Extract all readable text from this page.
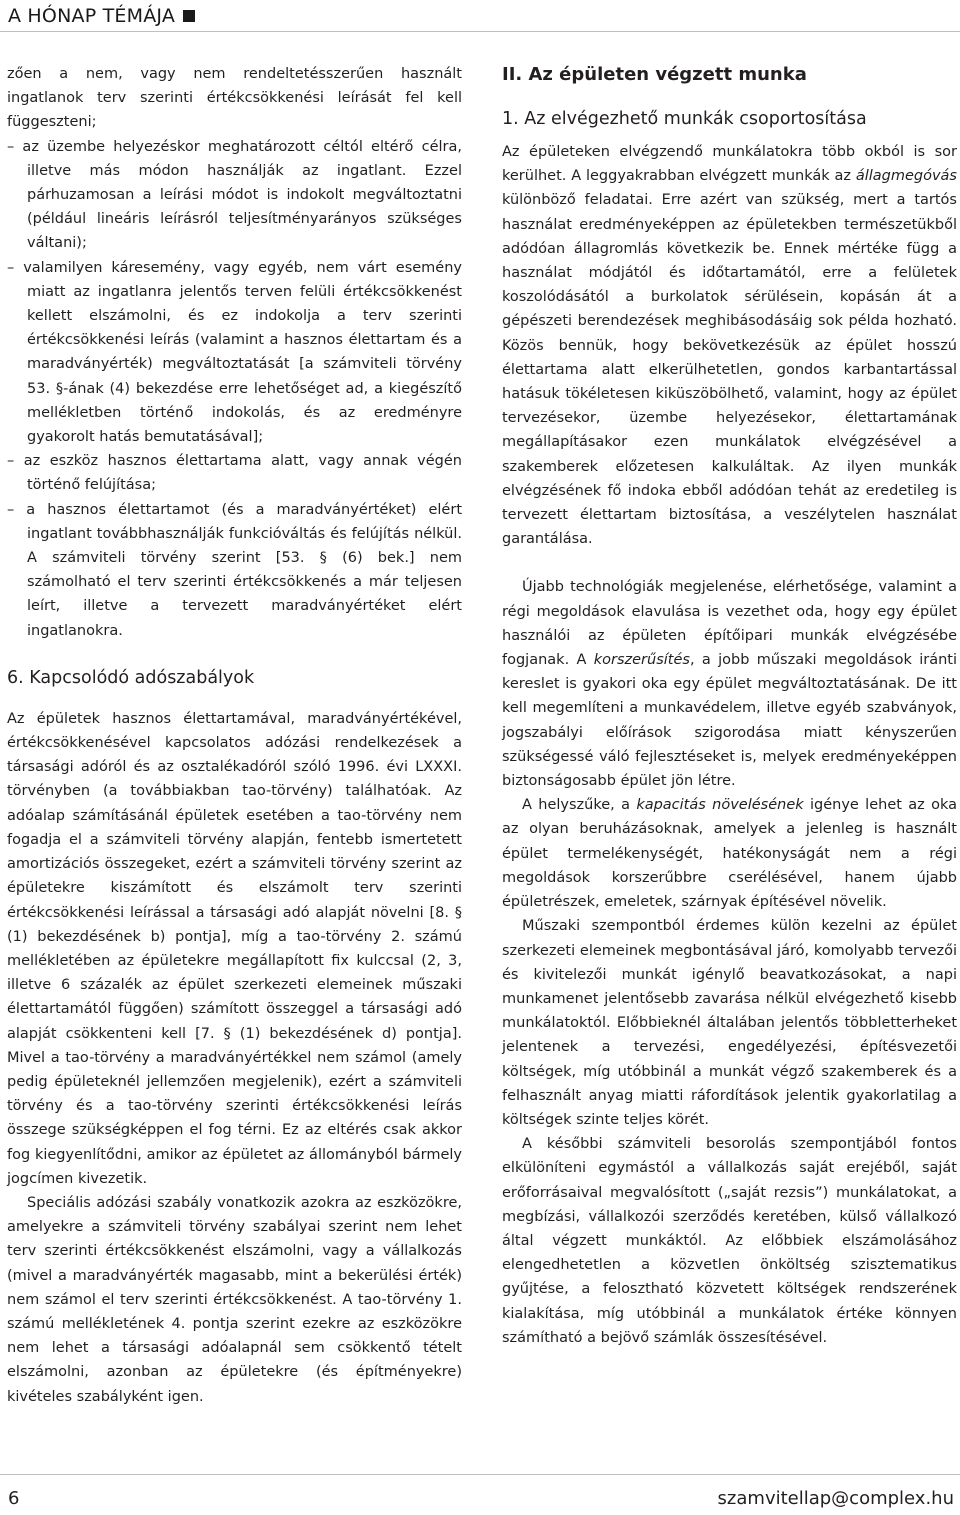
A HÓNAP TÉMÁJA

zően a nem, vagy nem rendeltetésszerűen használt ingatlanok terv szerinti értékcsökkenési leírását fel kell függeszteni;

– az üzembe helyezéskor meghatározott céltól eltérő célra, illetve más módon használják az ingatlant. Ezzel párhuzamosan a leírási módot is indokolt megváltoztatni (például lineáris leírásról teljesítményarányos szükséges váltani);

– valamilyen káresemény, vagy egyéb, nem várt esemény miatt az ingatlanra jelentős terven felüli értékcsökkenést kellett elszámolni, és ez indokolja a terv szerinti értékcsökkenési leírás (valamint a hasznos élettartam és a maradványérték) megváltoztatását [a számviteli törvény 53. §-ának (4) bekezdése erre lehetőséget ad, a kiegészítő mellékletben történő indokolás, és az eredményre gyakorolt hatás bemutatásával];

– az eszköz hasznos élettartama alatt, vagy annak végén történő felújítása;

– a hasznos élettartamot (és a maradványértéket) elért ingatlant továbbhasználják funkcióváltás és felújítás nélkül. A számviteli törvény szerint [53. § (6) bek.] nem számolható el terv szerinti értékcsökkenés a már teljesen leírt, illetve a tervezett maradványértéket elért ingatlanokra.

6. Kapcsolódó adószabályok

Az épületek hasznos élettartamával, maradványértékével, értékcsökkenésével kapcsolatos adózási rendelkezések a társasági adóról és az osztalékadóról szóló 1996. évi LXXXI. törvényben (a továbbiakban tao-törvény) találhatóak. Az adóalap számításánál épületek esetében a tao-törvény nem fogadja el a számviteli törvény alapján, fentebb ismertetett amortizációs összegeket, ezért a számviteli törvény szerint az épületekre kiszámított és elszámolt terv szerinti értékcsökkenési leírással a társasági adó alapját növelni [8. § (1) bekezdésének b) pontja], míg a tao-törvény 2. számú mellékletében az épületekre megállapított fix kulccsal (2, 3, illetve 6 százalék az épület szerkezeti elemeinek műszaki élettartamától függően) számított összeggel a társasági adó alapját csökkenteni kell [7. § (1) bekezdésének d) pontja]. Mivel a tao-törvény a maradványértékkel nem számol (amely pedig épületeknél jellemzően megjelenik), ezért a számviteli törvény és a tao-törvény szerinti értékcsökkenési leírás összege szükségképpen el fog térni. Ez az eltérés csak akkor fog kiegyenlítődni, amikor az épületet az állományból bármely jogcímen kivezetik.

Speciális adózási szabály vonatkozik azokra az eszközökre, amelyekre a számviteli törvény szabályai szerint nem lehet terv szerinti értékcsökkenést elszámolni, vagy a vállalkozás (mivel a maradványérték magasabb, mint a bekerülési érték) nem számol el terv szerinti értékcsökkenést. A tao-törvény 1. számú mellékletének 4. pontja szerint ezekre az eszközökre nem lehet a társasági adóalapnál sem csökkentő tételt elszámolni, azonban az épületekre (és építményekre) kivételes szabályként igen.

II. Az épületen végzett munka
1. Az elvégezhető munkák csoportosítása

Az épületeken elvégzendő munkálatokra több okból is sor kerülhet. A leggyakrabban elvégzett munkák az állagmegóvás különböző feladatai. Erre azért van szükség, mert a tartós használat eredményeképpen az épületekben természetükből adódóan állagromlás következik be. Ennek mértéke függ a használat módjától és időtartamától, erre a felületek koszolódásától a burkolatok sérülésein, kopásán át a gépészeti berendezések meghibásodásáig sok példa hozható. Közös bennük, hogy bekövetkezésük az épület hosszú élettartama alatt elkerülhetetlen, gondos karbantartással hatásuk tökéletesen kiküszöbölhető, valamint, hogy az épület tervezésekor, üzembe helyezésekor, élettartamának megállapításakor ezen munkálatok elvégzésével a szakemberek előzetesen kalkuláltak. Az ilyen munkák elvégzésének fő indoka ebből adódóan tehát az eredetileg is tervezett élettartam biztosítása, a veszélytelen használat garantálása.

Újabb technológiák megjelenése, elérhetősége, valamint a régi megoldások elavulása is vezethet oda, hogy egy épület használói az épületen építőipari munkák elvégzésébe fogjanak. A korszerűsítés, a jobb műszaki megoldások iránti kereslet is gyakori oka egy épület megváltoztatásának. De itt kell megemlíteni a munkavédelem, illetve egyéb szabványok, jogszabályi előírások szigorodása miatt kényszerűen szükségessé váló fejlesztéseket is, melyek eredményeképpen biztonságosabb épület jön létre.

A helyszűke, a kapacitás növelésének igénye lehet az oka az olyan beruházásoknak, amelyek a jelenleg is használt épület termelékenységét, hatékonyságát nem a régi megoldások korszerűbbre cserélésével, hanem újabb épületrészek, emeletek, szárnyak építésével növelik.

Műszaki szempontból érdemes külön kezelni az épület szerkezeti elemeinek megbontásával járó, komolyabb tervezői és kivitelezői munkát igénylő beavatkozásokat, a napi munkamenet jelentősebb zavarása nélkül elvégezhető kisebb munkálatoktól. Előbbieknél általában jelentős többletterheket jelentenek a tervezési, engedélyezési, építésvezetői költségek, míg utóbbinál a munkát végző szakemberek és a felhasznált anyag miatti ráfordítások jelentik gyakorlatilag a költségek szinte teljes körét.

A későbbi számviteli besorolás szempontjából fontos elkülöníteni egymástól a vállalkozás saját erejéből, saját erőforrásaival megvalósított („saját rezsis”) munkálatokat, a megbízási, vállalkozói szerződés keretében, külső vállalkozó által végzett munkáktól. Az előbbiek elszámolásához elengedhetetlen a közvetlen önköltség szisztematikus gyűjtése, a felosztható közvetett költségek rendszerének kialakítása, míg utóbbinál a munkálatok értéke könnyen számítható a bejövő számlák összesítésével.

6	szamvitellap@complex.hu
